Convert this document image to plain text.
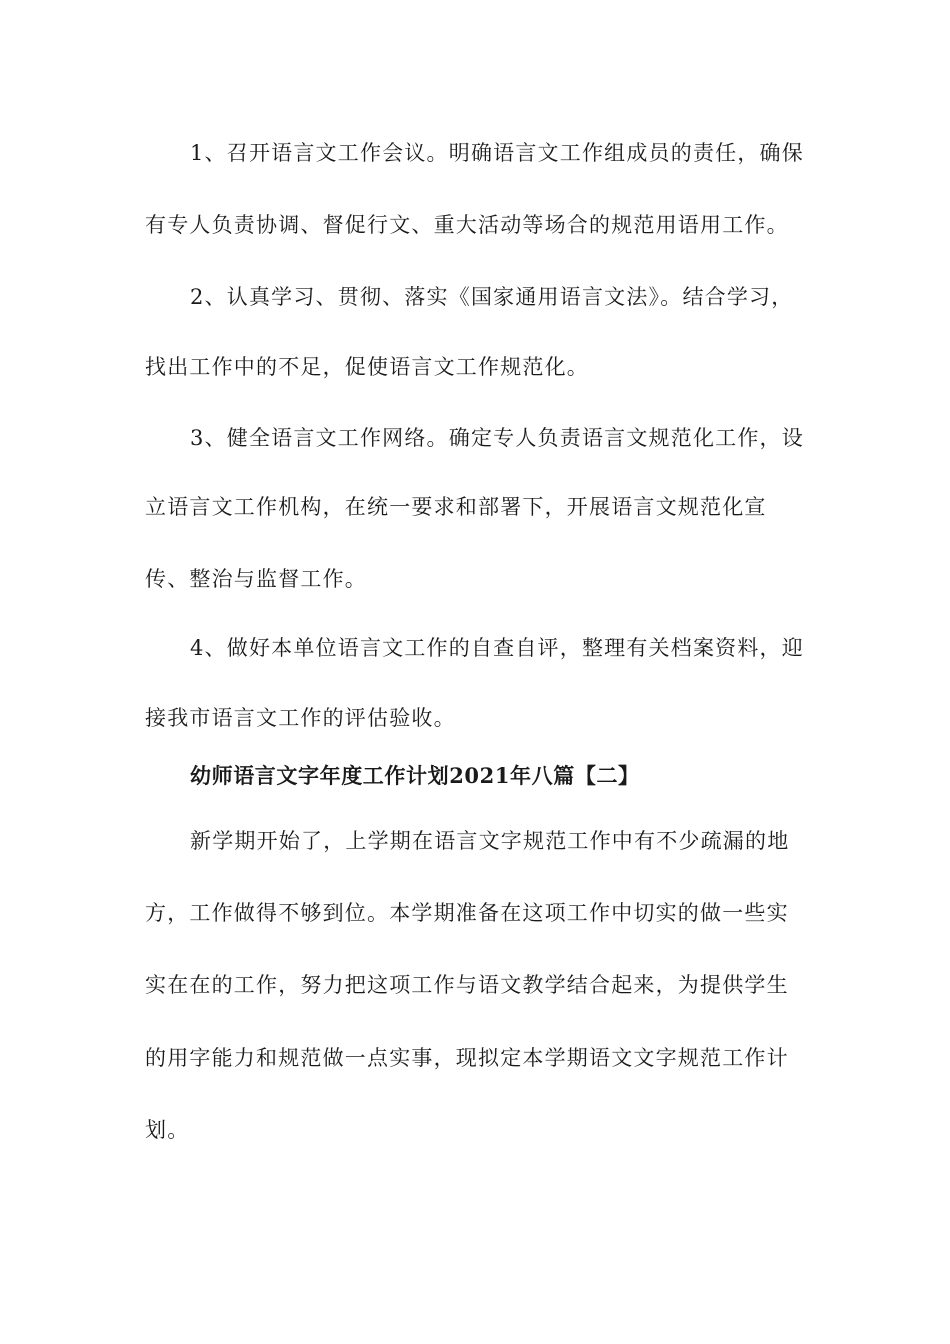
1、召开语言文工作会议。明确语言文工作组成员的责任，确保
有专人负责协调、督促行文、重大活动等场合的规范用语用工作。
2、认真学习、贯彻、落实《国家通用语言文法》。结合学习，
找出工作中的不足，促使语言文工作规范化。
3、健全语言文工作网络。确定专人负责语言文规范化工作，设
立语言文工作机构，在统一要求和部署下，开展语言文规范化宣
传、整治与监督工作。
4、做好本单位语言文工作的自查自评，整理有关档案资料，迎
接我市语言文工作的评估验收。
幼师语言文字年度工作计划2021年八篇【二】
新学期开始了，上学期在语言文字规范工作中有不少疏漏的地
方，工作做得不够到位。本学期准备在这项工作中切实的做一些实
实在在的工作，努力把这项工作与语文教学结合起来，为提供学生
的用字能力和规范做一点实事，现拟定本学期语文文字规范工作计
划。
